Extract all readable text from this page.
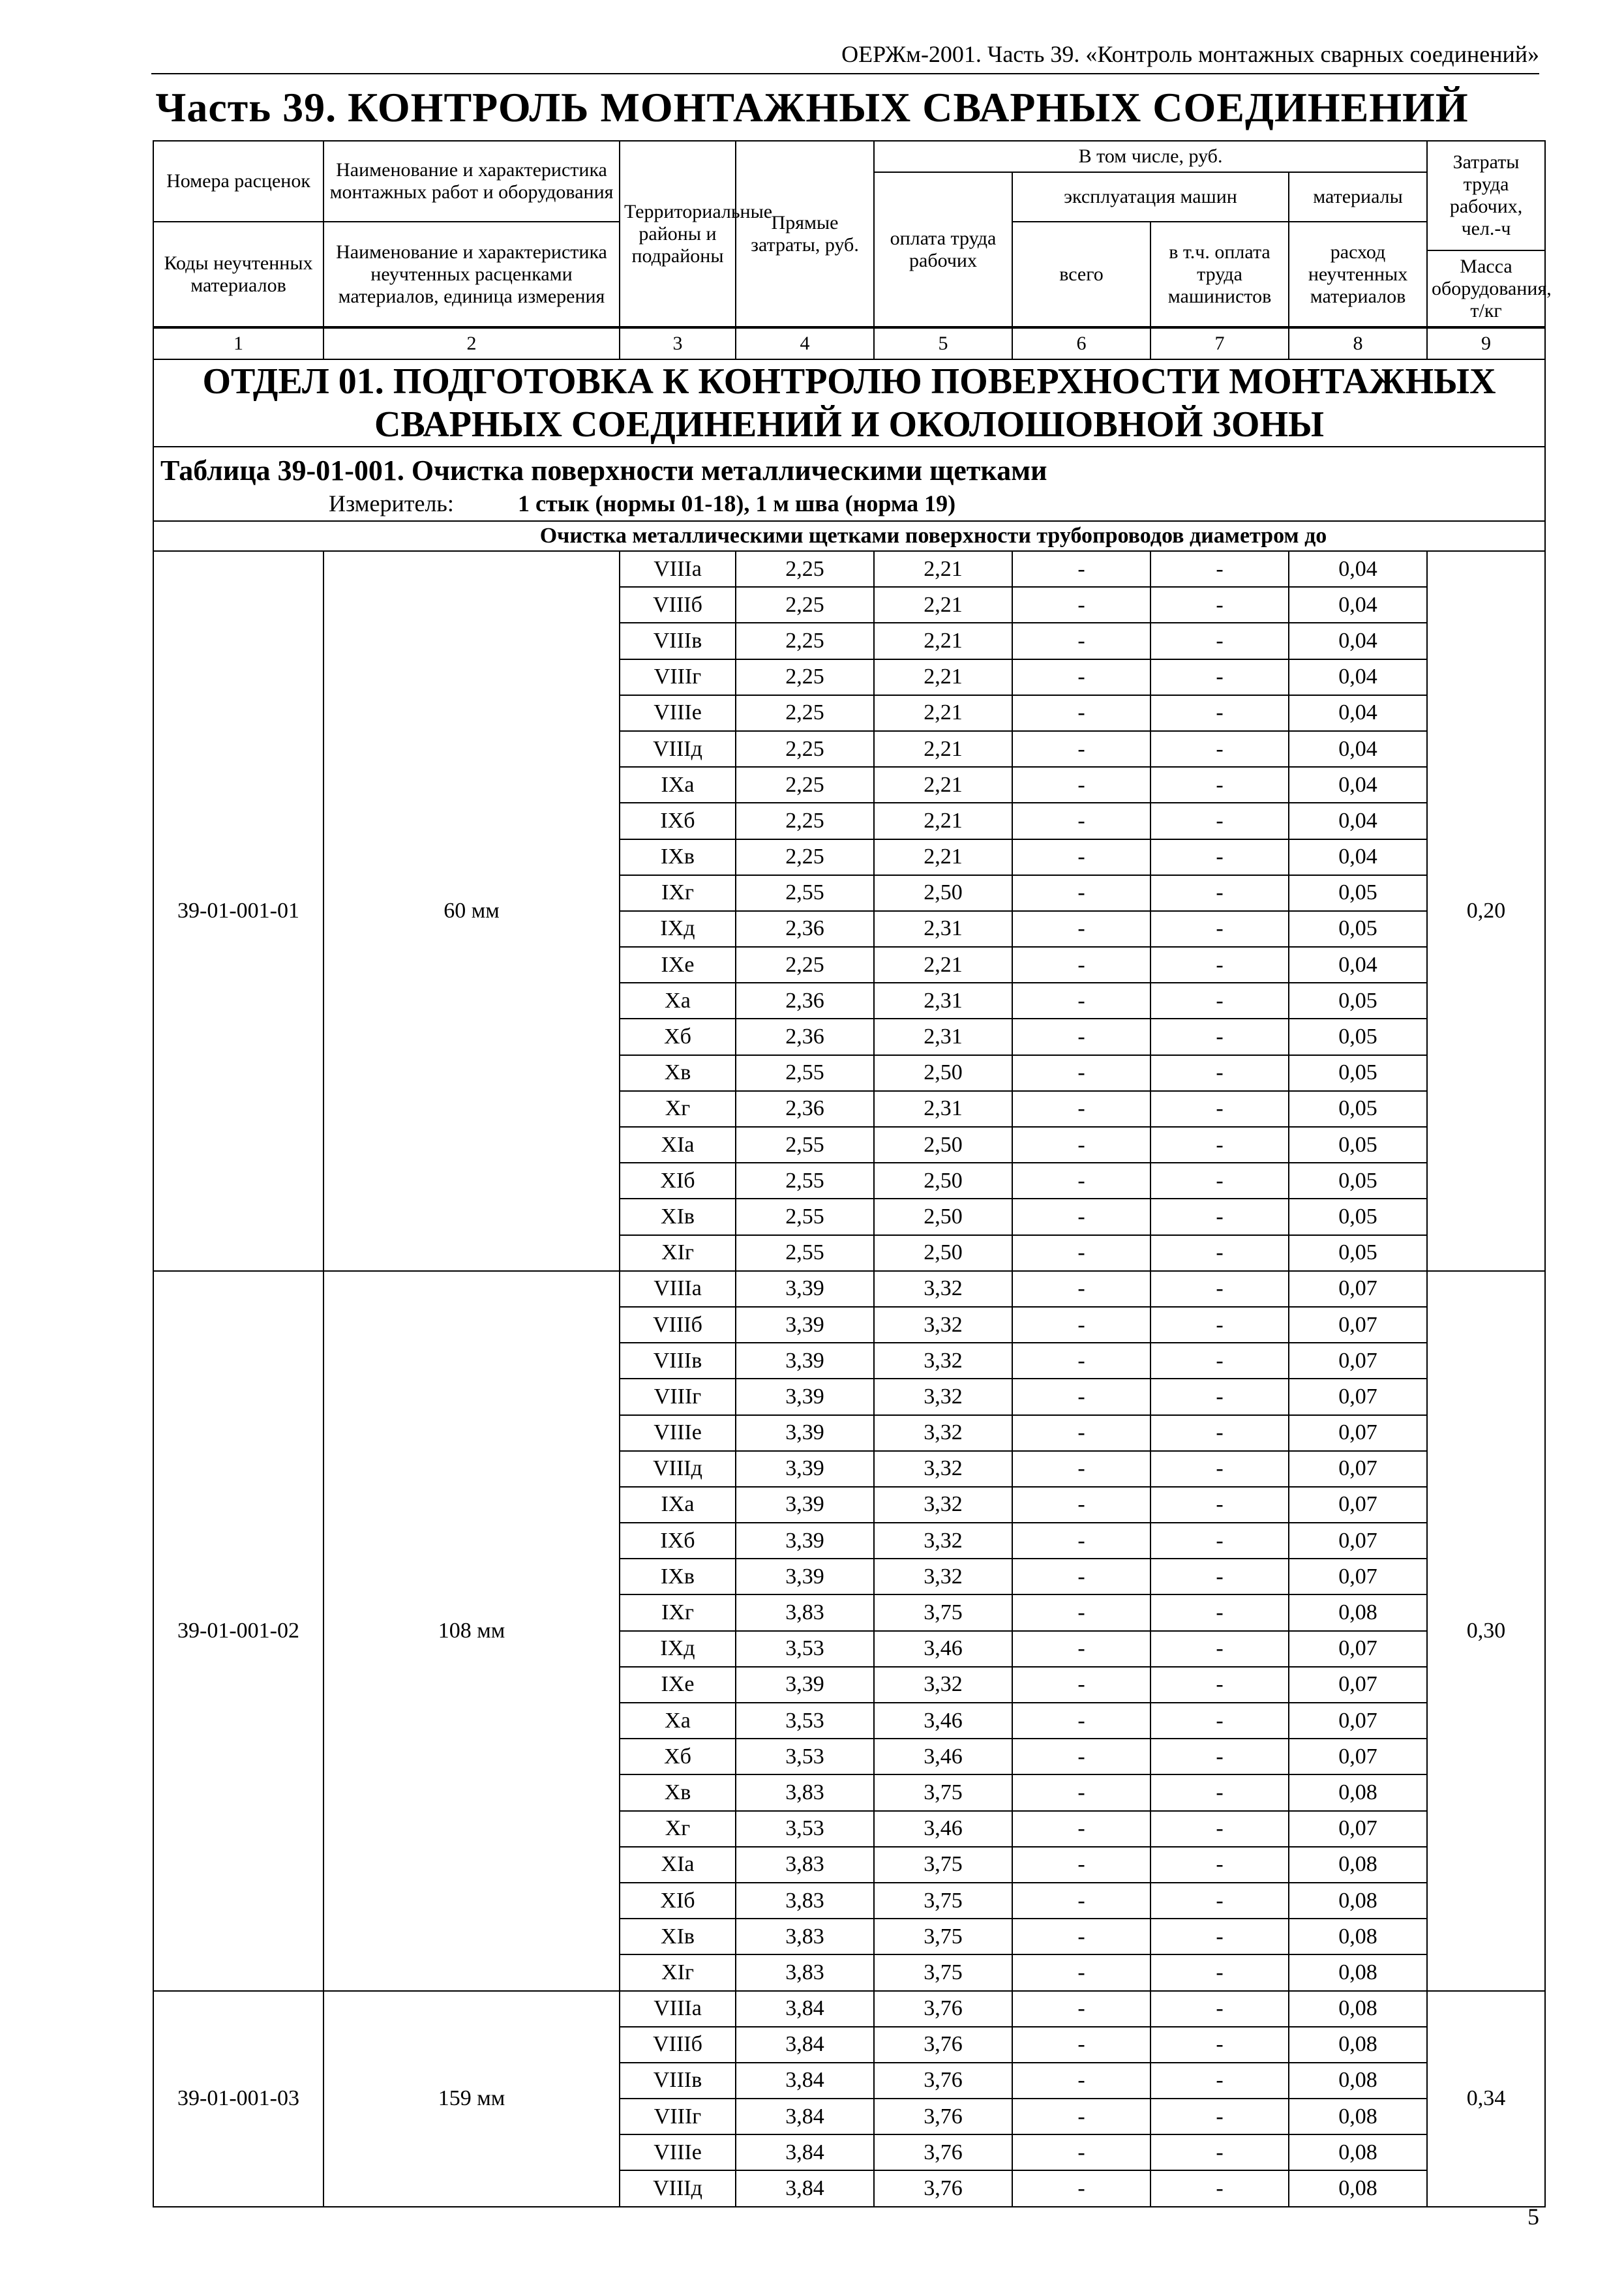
ОЕРЖм-2001. Часть 39. «Контроль монтажных сварных соединений»
Часть 39. КОНТРОЛЬ МОНТАЖНЫХ СВАРНЫХ СОЕДИНЕНИЙ
Номера расценок	Наименование и характеристика монтажных работ и оборудования	Территориальные районы и подрайоны	Прямые затраты, руб.	В том числе, руб.				Затраты труда рабочих, чел.-ч
				оплата труда рабочих	эксплуатация машин		материалы	
Коды неучтенных материалов	Наименование и характеристика неучтенных расценками материалов, единица измерения				всего	в т.ч. оплата труда машинистов	расход неучтенных материалов	
								Масса оборудования, т/кг
1	2	3	4	5	6	7	8	9
ОТДЕЛ 01. ПОДГОТОВКА К КОНТРОЛЮ ПОВЕРХНОСТИ МОНТАЖНЫХ СВАРНЫХ СОЕДИНЕНИЙ И ОКОЛОШОВНОЙ ЗОНЫ								

Таблица 39-01-001. Очистка поверхности металлическими щетками
Измеритель: 1 стык (нормы 01-18), 1 м шва (норма 19)								

Очистка металлическими щетками поверхности трубопроводов диаметром до								
39-01-001-01	60 мм	VIIIа	2,25	2,21	-	-	0,04	0,20
		VIIIб	2,25	2,21	-	-	0,04	
		VIIIв	2,25	2,21	-	-	0,04	
		VIIIг	2,25	2,21	-	-	0,04	
		VIIIе	2,25	2,21	-	-	0,04	
		VIIIд	2,25	2,21	-	-	0,04	
		IXа	2,25	2,21	-	-	0,04	
		IXб	2,25	2,21	-	-	0,04	
		IXв	2,25	2,21	-	-	0,04	
		IXг	2,55	2,50	-	-	0,05	
		IXд	2,36	2,31	-	-	0,05	
		IXе	2,25	2,21	-	-	0,04	
		Xа	2,36	2,31	-	-	0,05	
		Xб	2,36	2,31	-	-	0,05	
		Xв	2,55	2,50	-	-	0,05	
		Xг	2,36	2,31	-	-	0,05	
		XIа	2,55	2,50	-	-	0,05	
		XIб	2,55	2,50	-	-	0,05	
		XIв	2,55	2,50	-	-	0,05	
		XIг	2,55	2,50	-	-	0,05	
39-01-001-02	108 мм	VIIIа	3,39	3,32	-	-	0,07	0,30
		VIIIб	3,39	3,32	-	-	0,07	
		VIIIв	3,39	3,32	-	-	0,07	
		VIIIг	3,39	3,32	-	-	0,07	
		VIIIе	3,39	3,32	-	-	0,07	
		VIIIд	3,39	3,32	-	-	0,07	
		IXа	3,39	3,32	-	-	0,07	
		IXб	3,39	3,32	-	-	0,07	
		IXв	3,39	3,32	-	-	0,07	
		IXг	3,83	3,75	-	-	0,08	
		IXд	3,53	3,46	-	-	0,07	
		IXе	3,39	3,32	-	-	0,07	
		Xа	3,53	3,46	-	-	0,07	
		Xб	3,53	3,46	-	-	0,07	
		Xв	3,83	3,75	-	-	0,08	
		Xг	3,53	3,46	-	-	0,07	
		XIа	3,83	3,75	-	-	0,08	
		XIб	3,83	3,75	-	-	0,08	
		XIв	3,83	3,75	-	-	0,08	
		XIг	3,83	3,75	-	-	0,08	
39-01-001-03	159 мм	VIIIа	3,84	3,76	-	-	0,08	0,34
		VIIIб	3,84	3,76	-	-	0,08	
		VIIIв	3,84	3,76	-	-	0,08	
		VIIIг	3,84	3,76	-	-	0,08	
		VIIIе	3,84	3,76	-	-	0,08	
		VIIIд	3,84	3,76	-	-	0,08	
5
